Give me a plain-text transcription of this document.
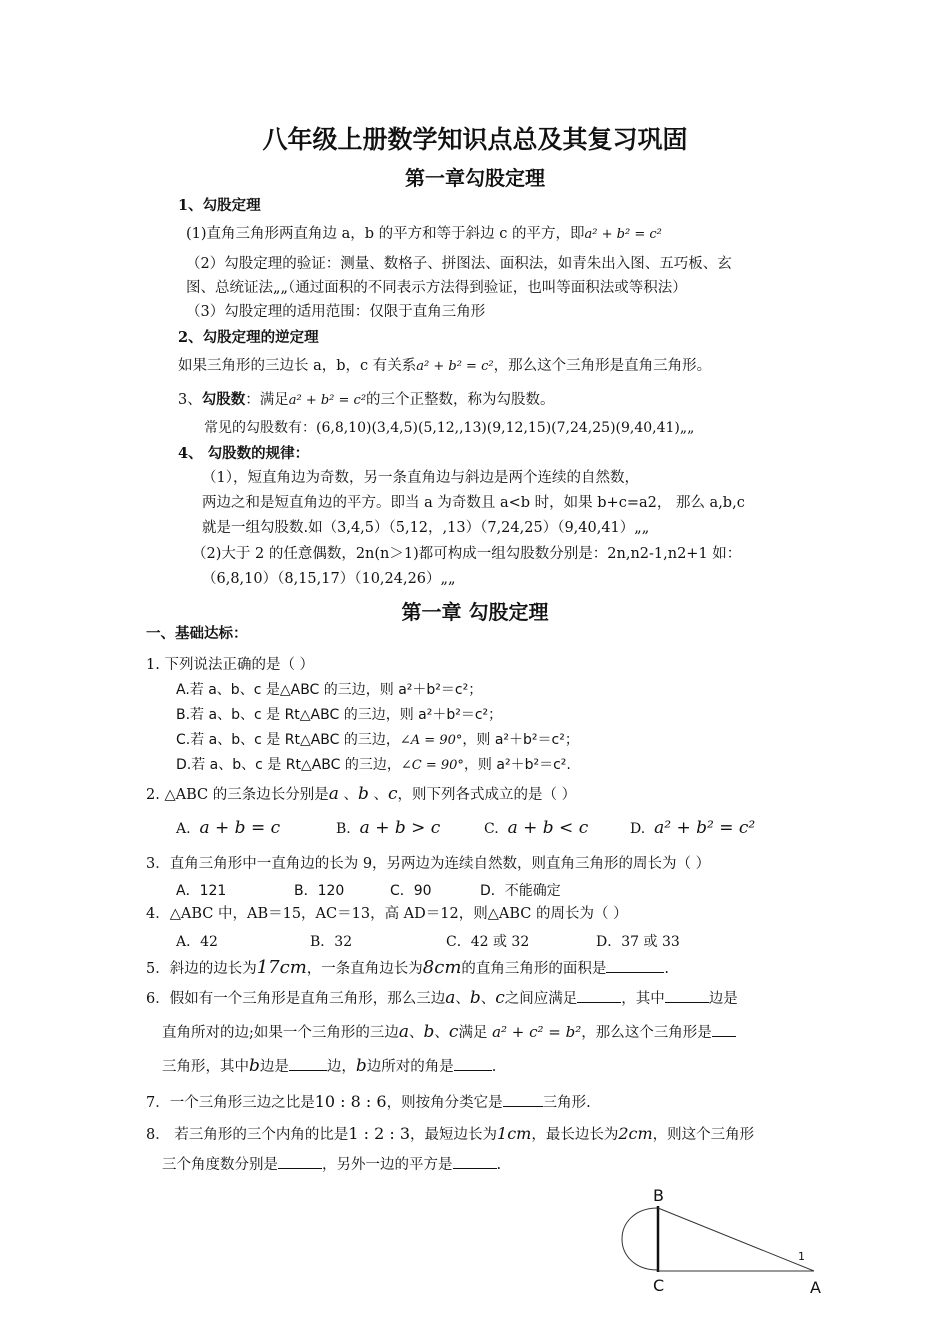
八年级上册数学知识点总及其复习巩固
第一章勾股定理
1、勾股定理
(1)直角三角形两直角边 a，b 的平方和等于斜边 c 的平方，即a² + b² = c²
（2）勾股定理的验证：测量、数格子、拼图法、面积法，如青朱出入图、五巧板、玄
图、总统证法„„（通过面积的不同表示方法得到验证，也叫等面积法或等积法）
（3）勾股定理的适用范围：仅限于直角三角形
2、勾股定理的逆定理
如果三角形的三边长 a，b，c 有关系a² + b² = c²，那么这个三角形是直角三角形。
3、勾股数：满足a² + b² = c²的三个正整数，称为勾股数。
常见的勾股数有：(6,8,10)(3,4,5)(5,12,,13)(9,12,15)(7,24,25)(9,40,41)„„
4、 勾股数的规律：
（1），短直角边为奇数，另一条直角边与斜边是两个连续的自然数，
两边之和是短直角边的平方。即当 a 为奇数且 a<b 时，如果 b+c=a2， 那么 a,b,c
就是一组勾股数.如（3,4,5）（5,12，,13）（7,24,25）（9,40,41）„„
（2)大于 2 的任意偶数，2n(n＞1)都可构成一组勾股数分别是：2n,n2-1,n2+1 如：
（6,8,10）（8,15,17）（10,24,26）„„
第一章 勾股定理
一、基础达标：
1. 下列说法正确的是（ ）
A.若 a、b、c 是△ABC 的三边，则 a²＋b²＝c²；
B.若 a、b、c 是 Rt△ABC 的三边，则 a²＋b²＝c²；
C.若 a、b、c 是 Rt△ABC 的三边，∠A = 90°，则 a²＋b²＝c²；
D.若 a、b、c 是 Rt△ABC 的三边，∠C = 90°，则 a²＋b²＝c².
2. △ABC 的三条边长分别是a 、b 、c，则下列各式成立的是（ ）
A. a + b = c	B. a + b > c	C. a + b < c	D. a² + b² = c²
3．直角三角形中一直角边的长为 9，另两边为连续自然数，则直角三角形的周长为（ ）
A．121	B．120	C．90	D．不能确定
4．△ABC 中，AB＝15，AC＝13，高 AD＝12，则△ABC 的周长为（ ）
A．42	B．32	C．42 或 32	D．37 或 33
5．斜边的边长为17cm，一条直角边长为8cm的直角三角形的面积是	.
6．假如有一个三角形是直角三角形，那么三边a、b、c之间应满足	，其中	边是
直角所对的边;如果一个三角形的三边a、b、c满足 a² + c² = b²，那么这个三角形是
三角形，其中b边是	边，b边所对的角是	.
7．一个三角形三边之比是10 : 8 : 6，则按角分类它是	三角形.
8． 若三角形的三个内角的比是1 : 2 : 3，最短边长为1cm，最长边长为2cm，则这个三角形
三个角度数分别是	，另外一边的平方是	.
B
C	A
1
